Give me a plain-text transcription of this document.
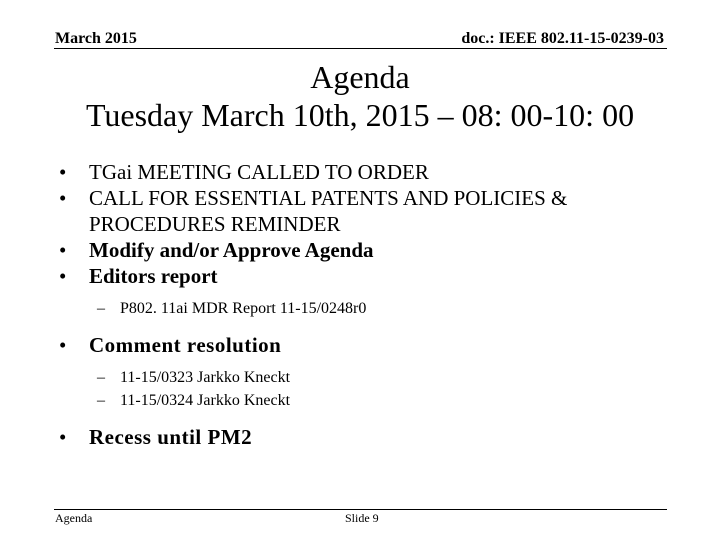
March 2015	doc.: IEEE 802.11-15-0239-03
Agenda
Tuesday March 10th, 2015 – 08: 00-10: 00
• TGai MEETING CALLED TO ORDER
• CALL FOR ESSENTIAL PATENTS AND POLICIES & PROCEDURES REMINDER
• Modify and/or Approve Agenda
• Editors report
– P802. 11ai MDR Report 11-15/0248r0
• Comment resolution
– 11-15/0323 Jarkko Kneckt
– 11-15/0324 Jarkko Kneckt
• Recess until PM2
Agenda	Slide 9
